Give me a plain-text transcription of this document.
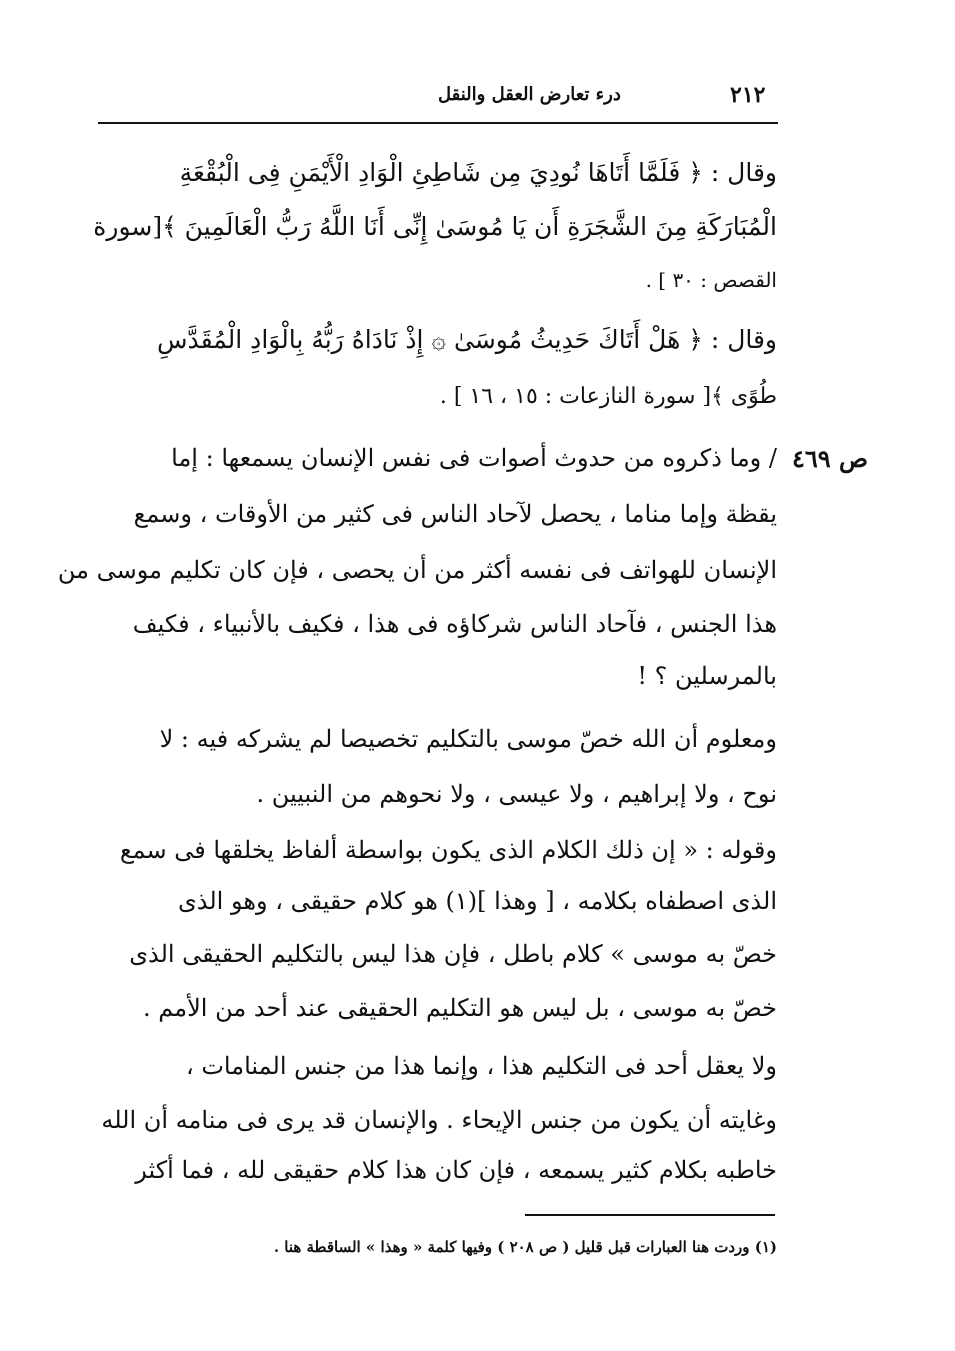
٢١٢
درء تعارض العقل والنقل
وقال : ﴿ فَلَمَّا أَتَاهَا نُودِيَ مِن شَاطِئِ الْوَادِ الْأَيْمَنِ فِى الْبُقْعَةِ
الْمُبَارَكَةِ مِنَ الشَّجَرَةِ أَن يَا مُوسَىٰ إِنِّى أَنَا اللَّهُ رَبُّ الْعَالَمِينَ ﴾[سورة
القصص : ٣٠ ] .
وقال : ﴿ هَلْ أَتَاكَ حَدِيثُ مُوسَىٰ ۞ إِذْ نَادَاهُ رَبُّهُ بِالْوَادِ الْمُقَدَّسِ
طُوًى ﴾[ سورة النازعات : ١٥ ، ١٦ ] .
ص ٤٦٩
/ وما ذكروه من حدوث أصوات فى نفس الإنسان يسمعها : إما
يقظة وإما مناما ، يحصل لآحاد الناس فى كثير من الأوقات ، وسمع
الإنسان للهواتف فى نفسه أكثر من أن يحصى ، فإن كان تكليم موسى من
هذا الجنس ، فآحاد الناس شركاؤه فى هذا ، فكيف بالأنبياء ، فكيف
بالمرسلين ؟ !
ومعلوم أن الله خصّ موسى بالتكليم تخصيصا لم يشركه فيه : لا
نوح ، ولا إبراهيم ، ولا عيسى ، ولا نحوهم من النبيين .
وقوله : « إن ذلك الكلام الذى يكون بواسطة ألفاظ يخلقها فى سمع
الذى اصطفاه بكلامه ، [ وهذا ](١) هو كلام حقيقى ، وهو الذى
خصّ به موسى » كلام باطل ، فإن هذا ليس بالتكليم الحقيقى الذى
خصّ به موسى ، بل ليس هو التكليم الحقيقى عند أحد من الأمم .
ولا يعقل أحد فى التكليم هذا ، وإنما هذا من جنس المنامات ،
وغايته أن يكون من جنس الإيحاء . والإنسان قد يرى فى منامه أن الله
خاطبه بكلام كثير يسمعه ، فإن كان هذا كلام حقيقى لله ، فما أكثر
(١) وردت هنا العبارات قبل قليل ( ص ٢٠٨ ) وفيها كلمة « وهذا » الساقطة هنا .
